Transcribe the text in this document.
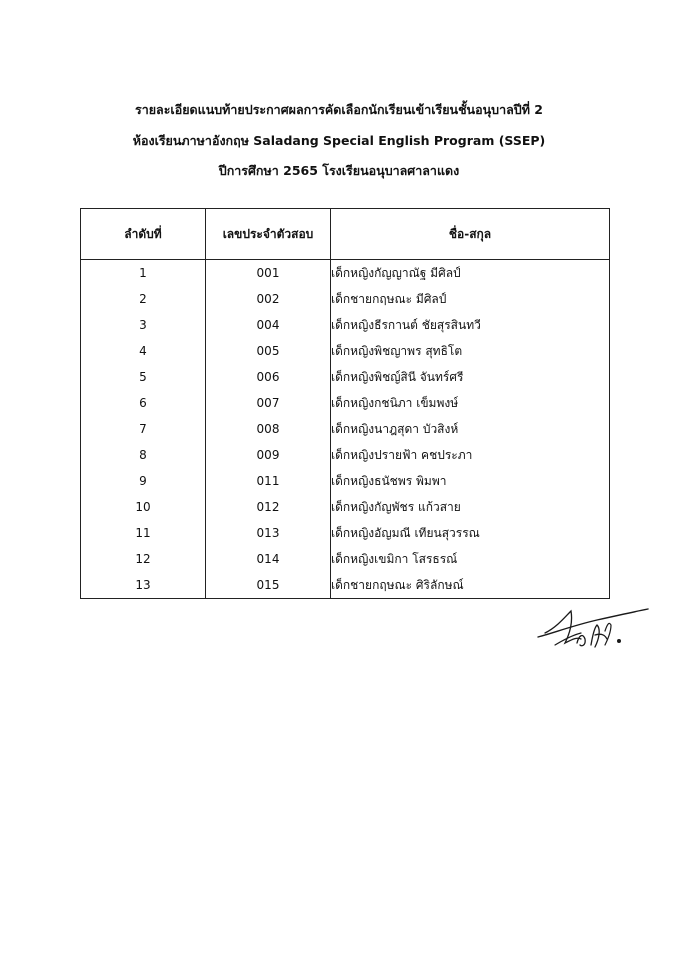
รายละเอียดแนบท้ายประกาศผลการคัดเลือกนักเรียนเข้าเรียนชั้นอนุบาลปีที่ 2
ห้องเรียนภาษาอังกฤษ Saladang Special English Program (SSEP)
ปีการศึกษา 2565 โรงเรียนอนุบาลศาลาแดง
ลำดับที่	เลขประจำตัวสอบ	ชื่อ-สกุล
1	001	เด็กหญิงกัญญาณัฐ มีศิลป์
2	002	เด็กชายกฤษณะ มีศิลป์
3	004	เด็กหญิงธีรกานต์ ชัยสุรสินทวี
4	005	เด็กหญิงพิชญาพร สุทธิโต
5	006	เด็กหญิงพิชญ์สินี จันทร์ศรี
6	007	เด็กหญิงกชนิภา เข็มพงษ์
7	008	เด็กหญิงนาฎสุดา บัวสิงห์
8	009	เด็กหญิงปรายฟ้า คชประภา
9	011	เด็กหญิงธนัชพร พิมพา
10	012	เด็กหญิงกัญพัชร แก้วสาย
11	013	เด็กหญิงอัญมณี เทียนสุวรรณ
12	014	เด็กหญิงเขมิกา โสรธรณ์
13	015	เด็กชายกฤษณะ ศิริลักษณ์
